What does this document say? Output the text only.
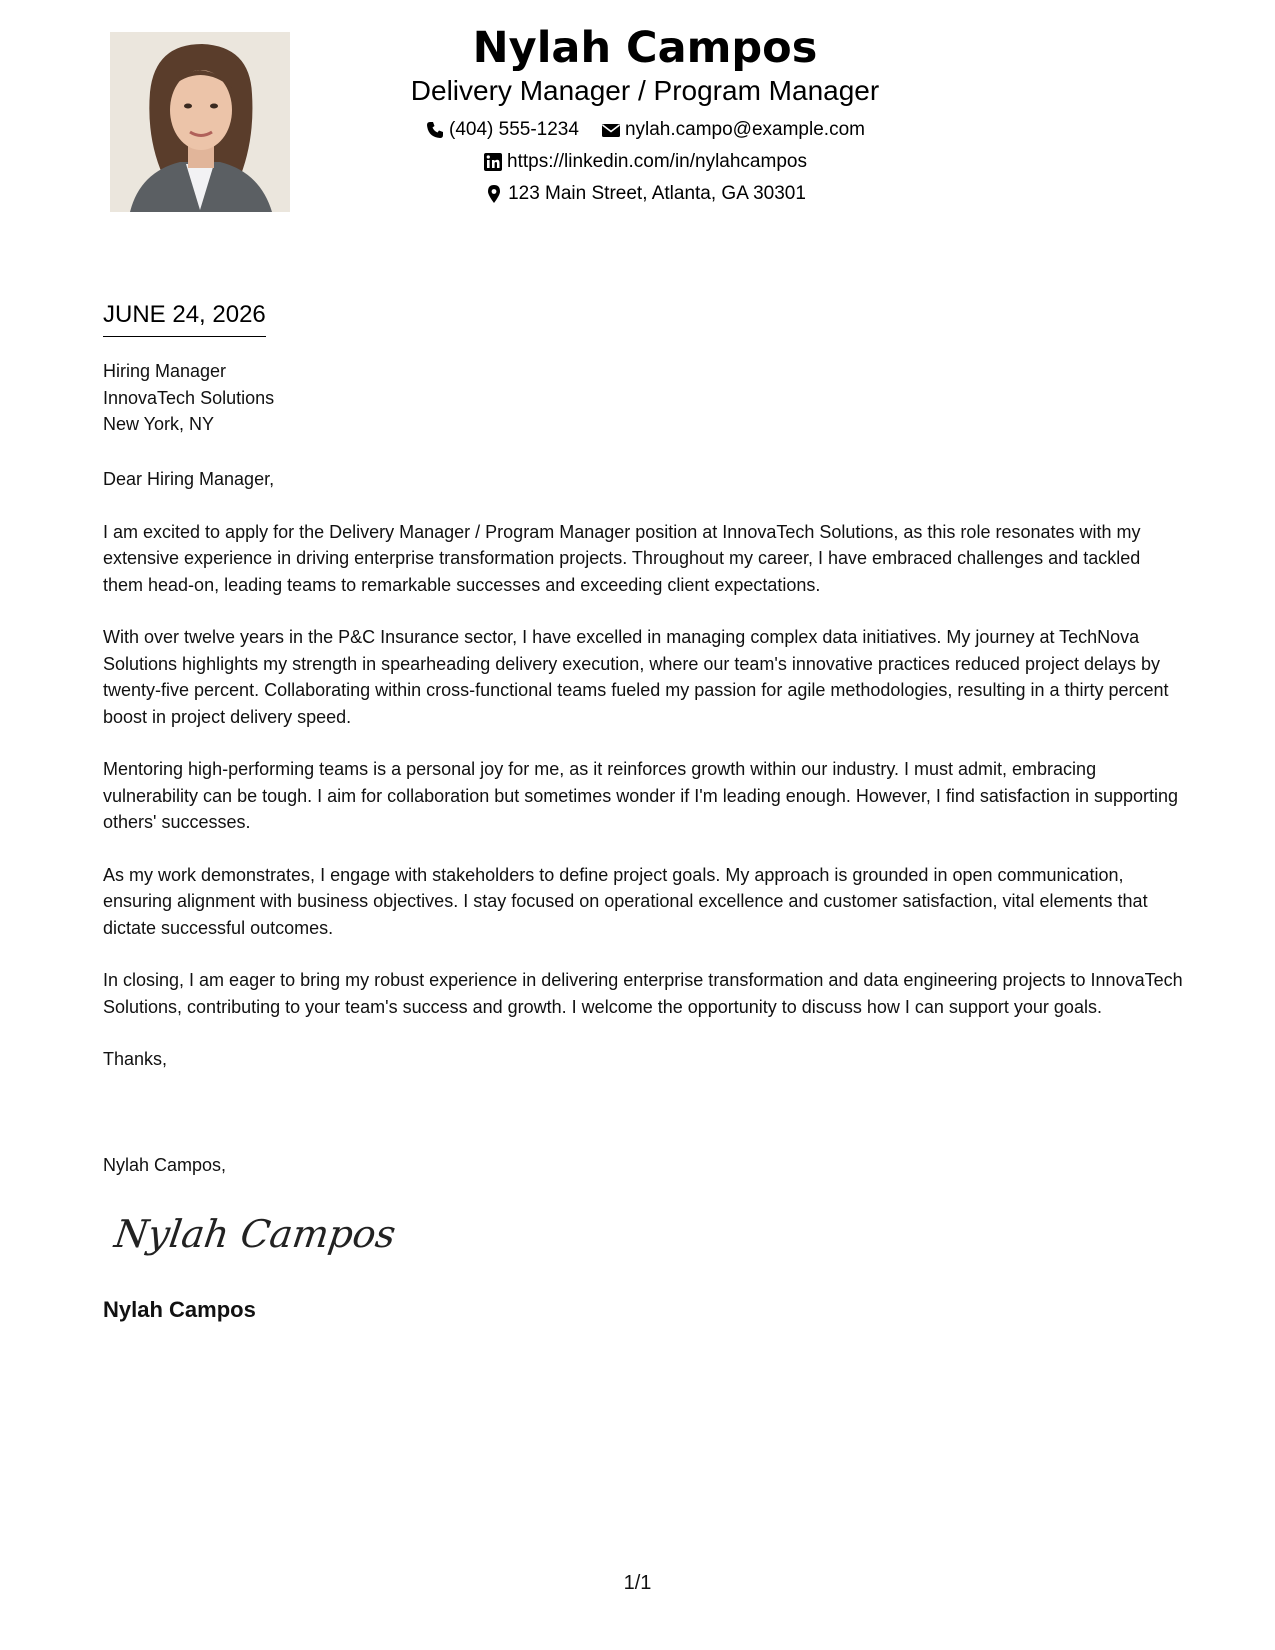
Nylah Campos
Delivery Manager / Program Manager
(404) 555-1234 nylah.campo@example.com
https://linkedin.com/in/nylahcampos
123 Main Street, Atlanta, GA 30301
JUNE 24, 2026
Hiring Manager
InnovaTech Solutions
New York, NY

Dear Hiring Manager,

I am excited to apply for the Delivery Manager / Program Manager position at InnovaTech Solutions, as this role resonates with my extensive experience in driving enterprise transformation projects. Throughout my career, I have embraced challenges and tackled them head-on, leading teams to remarkable successes and exceeding client expectations.

With over twelve years in the P&C Insurance sector, I have excelled in managing complex data initiatives. My journey at TechNova Solutions highlights my strength in spearheading delivery execution, where our team's innovative practices reduced project delays by twenty-five percent. Collaborating within cross-functional teams fueled my passion for agile methodologies, resulting in a thirty percent boost in project delivery speed.

Mentoring high-performing teams is a personal joy for me, as it reinforces growth within our industry. I must admit, embracing vulnerability can be tough. I aim for collaboration but sometimes wonder if I'm leading enough. However, I find satisfaction in supporting others' successes.

As my work demonstrates, I engage with stakeholders to define project goals. My approach is grounded in open communication, ensuring alignment with business objectives. I stay focused on operational excellence and customer satisfaction, vital elements that dictate successful outcomes.

In closing, I am eager to bring my robust experience in delivering enterprise transformation and data engineering projects to InnovaTech Solutions, contributing to your team's success and growth. I welcome the opportunity to discuss how I can support your goals.

Thanks,

Nylah Campos,
Nylah Campos
Nylah Campos
1/1
